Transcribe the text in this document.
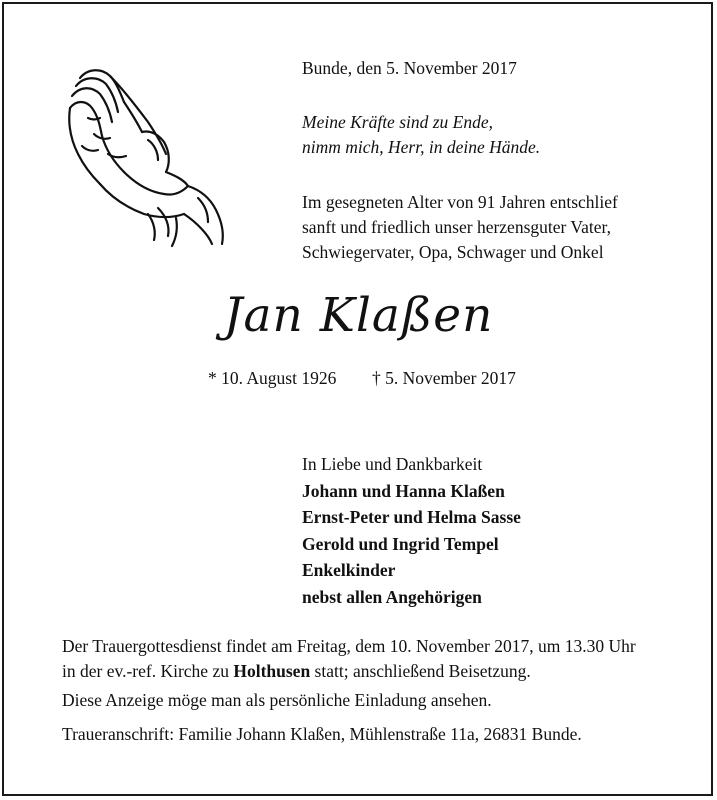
Bunde, den 5. November 2017

Meine Kräfte sind zu Ende,
nimm mich, Herr, in deine Hände.

Im gesegneten Alter von 91 Jahren entschlief
sanft und friedlich unser herzensguter Vater,
Schwiegervater, Opa, Schwager und Onkel

Jan Klaßen
* 10. August 1926 † 5. November 2017

In Liebe und Dankbarkeit
Johann und Hanna Klaßen
Ernst-Peter und Helma Sasse
Gerold und Ingrid Tempel
Enkelkinder
nebst allen Angehörigen

Der Trauergottesdienst findet am Freitag, dem 10. November 2017, um 13.30 Uhr
in der ev.-ref. Kirche zu Holthusen statt; anschließend Beisetzung.

Diese Anzeige möge man als persönliche Einladung ansehen.

Traueranschrift: Familie Johann Klaßen, Mühlenstraße 11a, 26831 Bunde.
